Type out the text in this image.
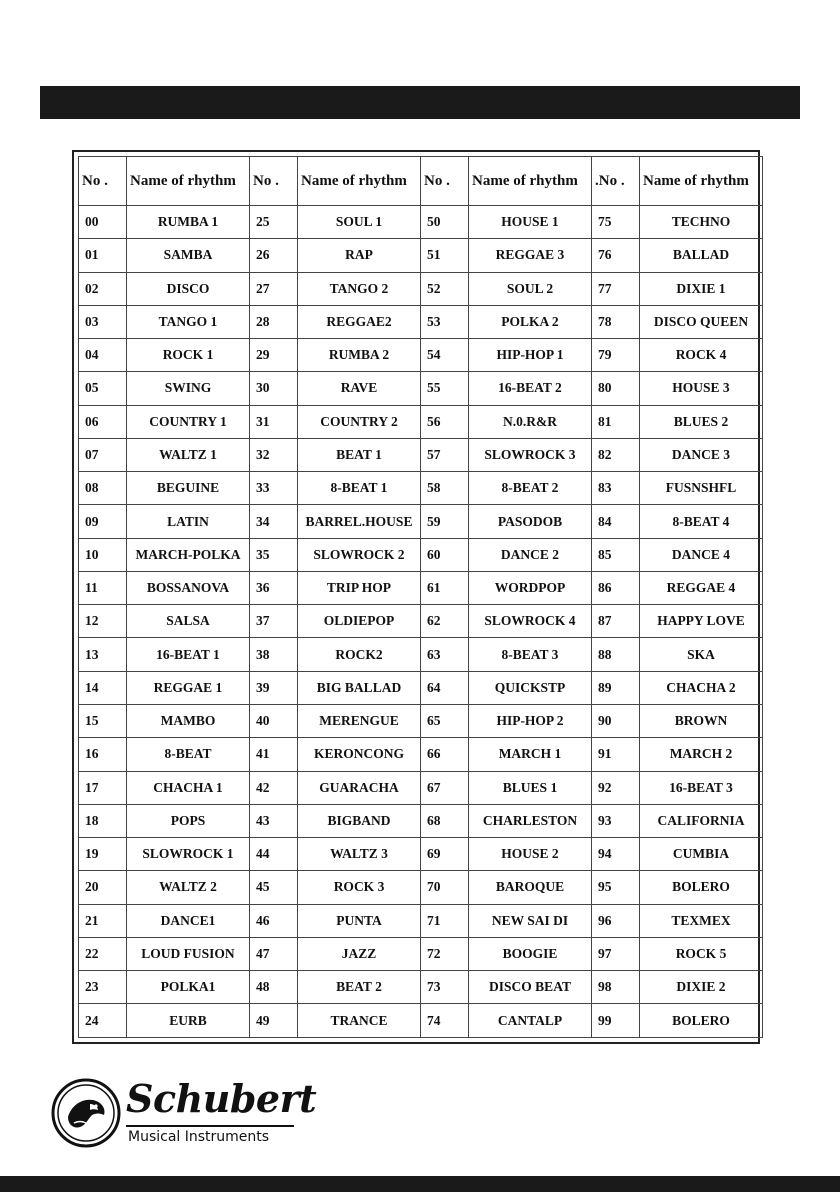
No .	Name of rhythm	No .	Name of rhythm	No .	Name of rhythm	.No .	Name of rhythm
00	RUMBA 1	25	SOUL 1	50	HOUSE 1	75	TECHNO
01	SAMBA	26	RAP	51	REGGAE 3	76	BALLAD
02	DISCO	27	TANGO 2	52	SOUL 2	77	DIXIE 1
03	TANGO 1	28	REGGAE2	53	POLKA 2	78	DISCO QUEEN
04	ROCK 1	29	RUMBA 2	54	HIP-HOP 1	79	ROCK 4
05	SWING	30	RAVE	55	16-BEAT 2	80	HOUSE 3
06	COUNTRY 1	31	COUNTRY 2	56	N.0.R&R	81	BLUES 2
07	WALTZ 1	32	BEAT 1	57	SLOWROCK 3	82	DANCE 3
08	BEGUINE	33	8-BEAT 1	58	8-BEAT 2	83	FUSNSHFL
09	LATIN	34	BARREL.HOUSE	59	PASODOB	84	8-BEAT 4
10	MARCH-POLKA	35	SLOWROCK 2	60	DANCE 2	85	DANCE 4
11	BOSSANOVA	36	TRIP HOP	61	WORDPOP	86	REGGAE 4
12	SALSA	37	OLDIEPOP	62	SLOWROCK 4	87	HAPPY LOVE
13	16-BEAT 1	38	ROCK2	63	8-BEAT 3	88	SKA
14	REGGAE 1	39	BIG BALLAD	64	QUICKSTP	89	CHACHA 2
15	MAMBO	40	MERENGUE	65	HIP-HOP 2	90	BROWN
16	8-BEAT	41	KERONCONG	66	MARCH 1	91	MARCH 2
17	CHACHA 1	42	GUARACHA	67	BLUES 1	92	16-BEAT 3
18	POPS	43	BIGBAND	68	CHARLESTON	93	CALIFORNIA
19	SLOWROCK 1	44	WALTZ 3	69	HOUSE 2	94	CUMBIA
20	WALTZ 2	45	ROCK 3	70	BAROQUE	95	BOLERO
21	DANCE1	46	PUNTA	71	NEW SAI DI	96	TEXMEX
22	LOUD FUSION	47	JAZZ	72	BOOGIE	97	ROCK 5
23	POLKA1	48	BEAT 2	73	DISCO BEAT	98	DIXIE 2
24	EURB	49	TRANCE	74	CANTALP	99	BOLERO
Schubert
Musical Instruments
